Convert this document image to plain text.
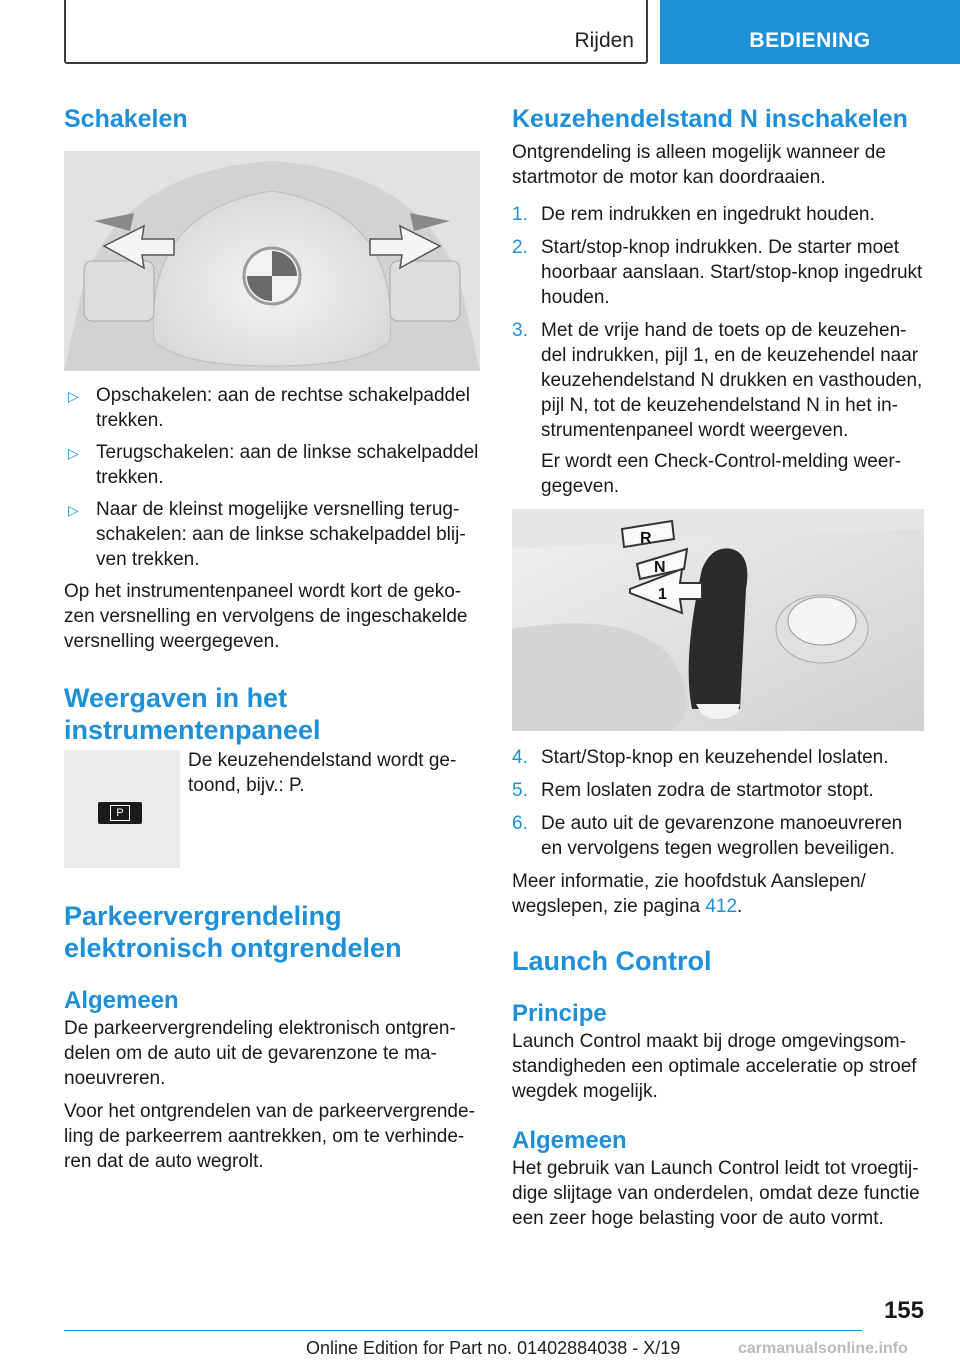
Rijden	BEDIENING
Schakelen
▷ Opschakelen: aan de rechtse schakelpaddel trekken.
▷ Terugschakelen: aan de linkse schakelpaddel trekken.
▷ Naar de kleinst mogelijke versnelling terug-schakelen: aan de linkse schakelpaddel blij-ven trekken.

Op het instrumentenpaneel wordt kort de geko-zen versnelling en vervolgens de ingeschakelde versnelling weergegeven.

Weergaven in het instrumentenpaneel
P

De keuzehendelstand wordt ge-toond, bijv.: P.

Parkeervergrendeling elektronisch ontgrendelen
Algemeen

De parkeervergrendeling elektronisch ontgren-delen om de auto uit de gevarenzone te ma-noeuvreren.

Voor het ontgrendelen van de parkeervergrende-ling de parkeerrem aantrekken, om te verhinde-ren dat de auto wegrolt.

Keuzehendelstand N inschakelen

Ontgrendeling is alleen mogelijk wanneer de startmotor de motor kan doordraaien.

1. De rem indrukken en ingedrukt houden.
2. Start/stop-knop indrukken. De starter moet hoorbaar aanslaan. Start/stop-knop ingedrukt houden.
3. Met de vrije hand de toets op de keuzehen-del indrukken, pijl 1, en de keuzehendel naar keuzehendelstand N drukken en vasthouden, pijl N, tot de keuzehendelstand N in het in-strumentenpaneel wordt weergeven.

Er wordt een Check-Control-melding weer-gegeven.

R
N
1
4. Start/Stop-knop en keuzehendel loslaten.
5. Rem loslaten zodra de startmotor stopt.
6. De auto uit de gevarenzone manoeuvreren en vervolgens tegen wegrollen beveiligen.

Meer informatie, zie hoofdstuk Aanslepen/ wegslepen, zie pagina 412.

Launch Control
Principe

Launch Control maakt bij droge omgevingsom-standigheden een optimale acceleratie op stroef wegdek mogelijk.

Algemeen

Het gebruik van Launch Control leidt tot vroegtij-dige slijtage van onderdelen, omdat deze functie een zeer hoge belasting voor de auto vormt.

155
Online Edition for Part no. 01402884038 - X/19	carmanualsonline.info
